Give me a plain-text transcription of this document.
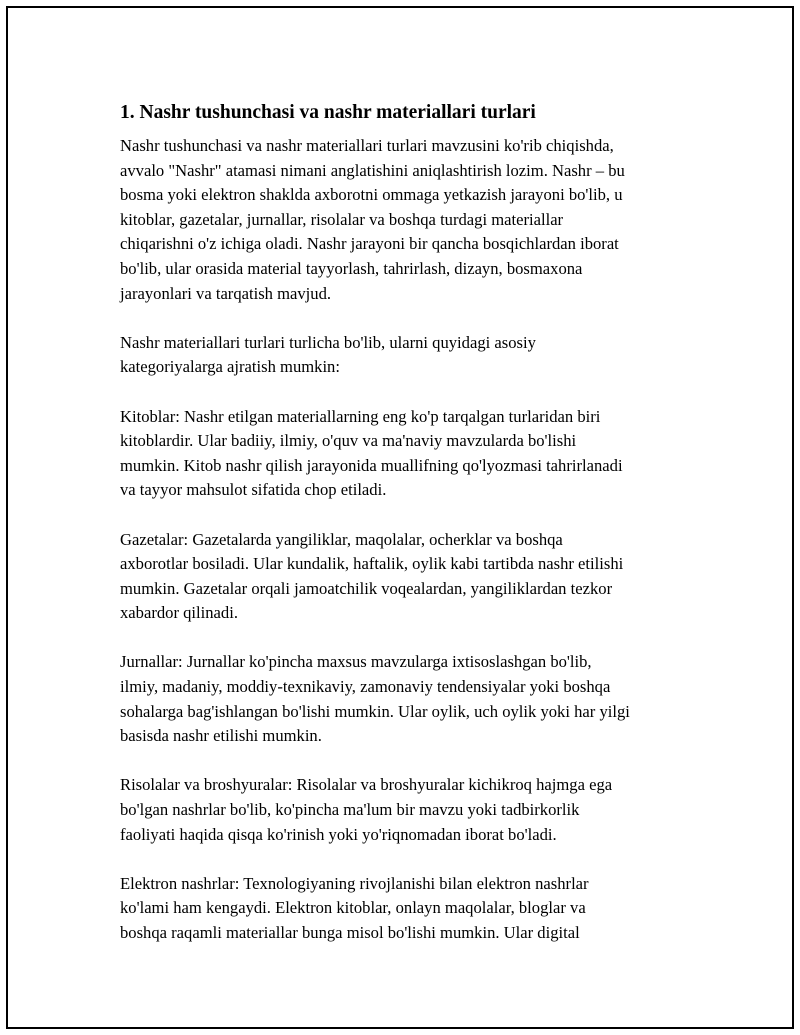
1. Nashr tushunchasi va nashr materiallari turlari

Nashr tushunchasi va nashr materiallari turlari mavzusini ko'rib chiqishda,
avvalo "Nashr" atamasi nimani anglatishini aniqlashtirish lozim. Nashr – bu
bosma yoki elektron shaklda axborotni ommaga yetkazish jarayoni bo'lib, u
kitoblar, gazetalar, jurnallar, risolalar va boshqa turdagi materiallar
chiqarishni o'z ichiga oladi. Nashr jarayoni bir qancha bosqichlardan iborat
bo'lib, ular orasida material tayyorlash, tahrirlash, dizayn, bosmaxona
jarayonlari va tarqatish mavjud.

Nashr materiallari turlari turlicha bo'lib, ularni quyidagi asosiy
kategoriyalarga ajratish mumkin:

Kitoblar: Nashr etilgan materiallarning eng ko'p tarqalgan turlaridan biri
kitoblardir. Ular badiiy, ilmiy, o'quv va ma'naviy mavzularda bo'lishi
mumkin. Kitob nashr qilish jarayonida muallifning qo'lyozmasi tahrirlanadi
va tayyor mahsulot sifatida chop etiladi.

Gazetalar: Gazetalarda yangiliklar, maqolalar, ocherklar va boshqa
axborotlar bosiladi. Ular kundalik, haftalik, oylik kabi tartibda nashr etilishi
mumkin. Gazetalar orqali jamoatchilik voqealardan, yangiliklardan tezkor
xabardor qilinadi.

Jurnallar: Jurnallar ko'pincha maxsus mavzularga ixtisoslashgan bo'lib,
ilmiy, madaniy, moddiy-texnikaviy, zamonaviy tendensiyalar yoki boshqa
sohalarga bag'ishlangan bo'lishi mumkin. Ular oylik, uch oylik yoki har yilgi
basisda nashr etilishi mumkin.

Risolalar va broshyuralar: Risolalar va broshyuralar kichikroq hajmga ega
bo'lgan nashrlar bo'lib, ko'pincha ma'lum bir mavzu yoki tadbirkorlik
faoliyati haqida qisqa ko'rinish yoki yo'riqnomadan iborat bo'ladi.

Elektron nashrlar: Texnologiyaning rivojlanishi bilan elektron nashrlar
ko'lami ham kengaydi. Elektron kitoblar, onlayn maqolalar, bloglar va
boshqa raqamli materiallar bunga misol bo'lishi mumkin. Ular digital
